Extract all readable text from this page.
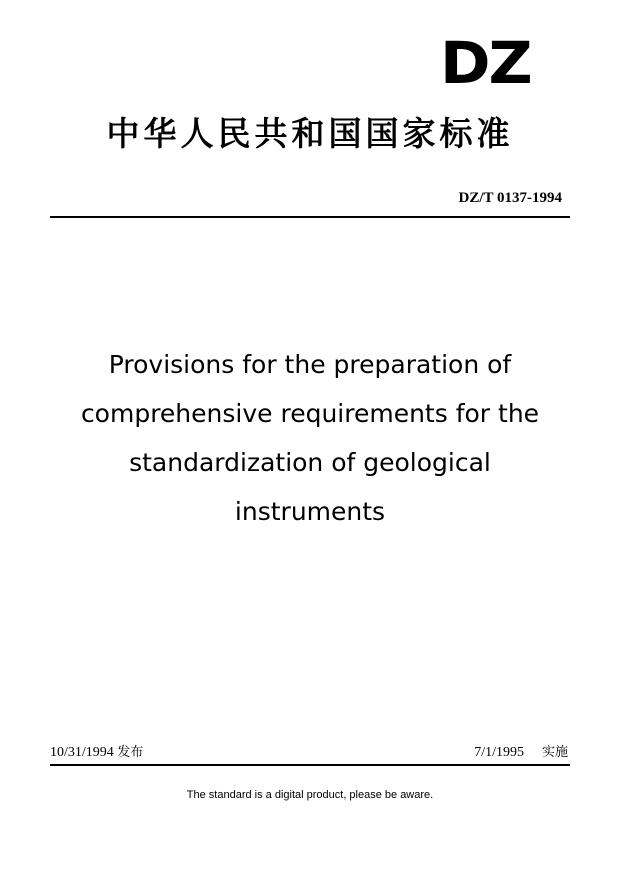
DZ
中华人民共和国国家标准
DZ/T 0137-1994
Provisions for the preparation of
comprehensive requirements for the
standardization of geological
instruments
10/31/1994 发布	7/1/1995 实施
The standard is a digital product, please be aware.
